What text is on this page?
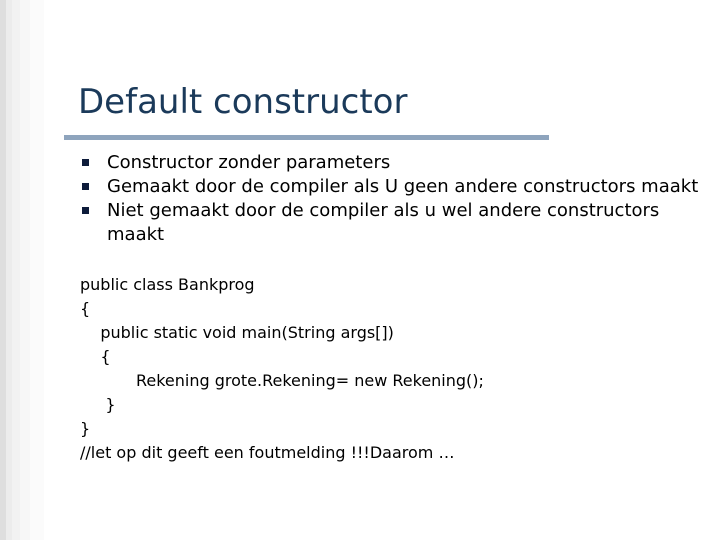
Default constructor
Constructor zonder parameters
Gemaakt door de compiler als U geen andere constructors maakt
Niet gemaakt door de compiler als u wel andere constructors maakt
public class Bankprog
{
public static void main(String args[])
{
Rekening grote.Rekening= new Rekening();
}
}
//let op dit geeft een foutmelding !!!Daarom …
